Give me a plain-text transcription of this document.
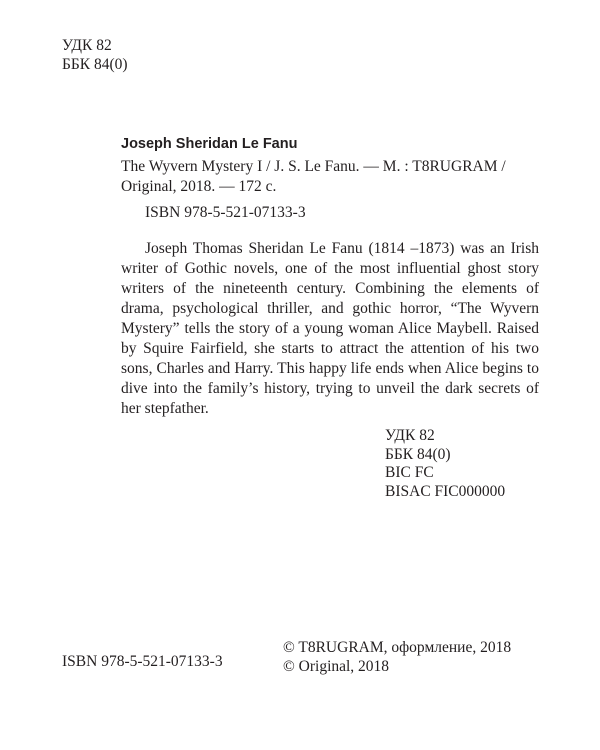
УДК 82
ББК 84(0)
Joseph Sheridan Le Fanu
The Wyvern Mystery I / J. S. Le Fanu. — M. : T8RUGRAM / Original, 2018. — 172 c.
ISBN 978-5-521-07133-3

Joseph Thomas Sheridan Le Fanu (1814 –1873) was an Irish writer of Gothic novels, one of the most influential ghost story writers of the nineteenth century. Combining the elements of drama, psychological thriller, and gothic horror, “The Wyvern Mystery” tells the story of a young woman Alice Maybell. Raised by Squire Fairfield, she starts to attract the attention of his two sons, Charles and Harry. This happy life ends when Alice begins to dive into the family’s history, trying to unveil the dark secrets of her stepfather.

УДК 82
ББК 84(0)
BIC FC
BISAC FIC000000
ISBN 978-5-521-07133-3
© T8RUGRAM, оформление, 2018
© Original, 2018
